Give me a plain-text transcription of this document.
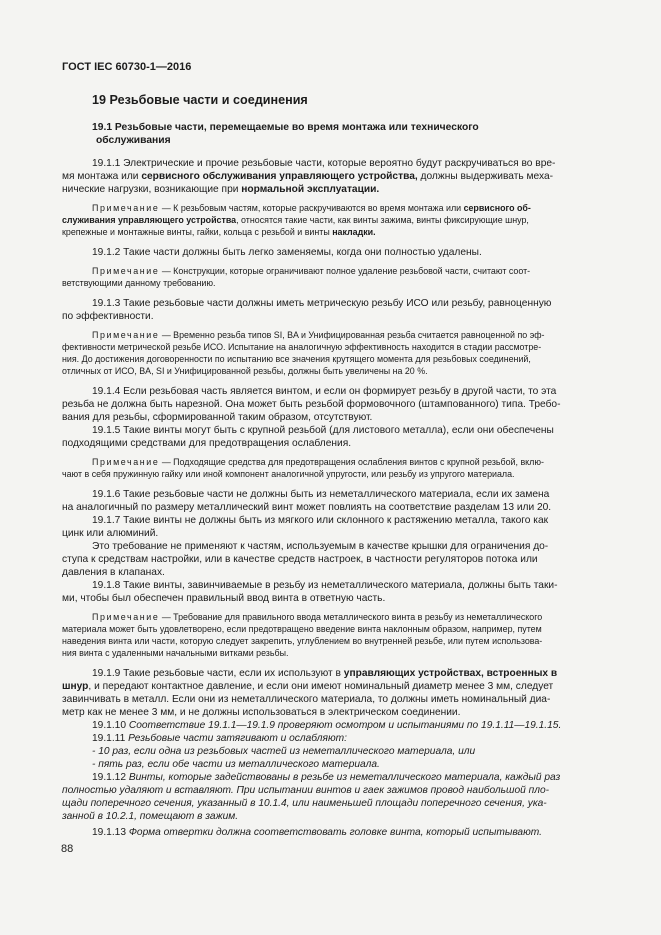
ГОСТ IEC 60730-1—2016
19 Резьбовые части и соединения
19.1 Резьбовые части, перемещаемые во время монтажа или технического
обслуживания
19.1.1 Электрические и прочие резьбовые части, которые вероятно будут раскручиваться во вре-
мя монтажа или сервисного обслуживания управляющего устройства, должны выдерживать меха-
нические нагрузки, возникающие при нормальной эксплуатации.
Примечание — К резьбовым частям, которые раскручиваются во время монтажа или сервисного об-
служивания управляющего устройства, относятся такие части, как винты зажима, винты фиксирующие шнур,
крепежные и монтажные винты, гайки, кольца с резьбой и винты накладки.
19.1.2 Такие части должны быть легко заменяемы, когда они полностью удалены.
Примечание — Конструкции, которые ограничивают полное удаление резьбовой части, считают соот-
ветствующими данному требованию.
19.1.3 Такие резьбовые части должны иметь метрическую резьбу ИСО или резьбу, равноценную
по эффективности.
Примечание — Временно резьба типов SI, BA и Унифицированная резьба считается равноценной по эф-
фективности метрической резьбе ИСО. Испытание на аналогичную эффективность находится в стадии рассмотре-
ния. До достижения договоренности по испытанию все значения крутящего момента для резьбовых соединений,
отличных от ИСО, BA, SI и Унифицированной резьбы, должны быть увеличены на 20 %.
19.1.4 Если резьбовая часть является винтом, и если он формирует резьбу в другой части, то эта
резьба не должна быть нарезной. Она может быть резьбой формовочного (штампованного) типа. Требо-
вания для резьбы, сформированной таким образом, отсутствуют.
19.1.5 Такие винты могут быть с крупной резьбой (для листового металла), если они обеспечены
подходящими средствами для предотвращения ослабления.
Примечание — Подходящие средства для предотвращения ослабления винтов с крупной резьбой, вклю-
чают в себя пружинную гайку или иной компонент аналогичной упругости, или резьбу из упругого материала.
19.1.6 Такие резьбовые части не должны быть из неметаллического материала, если их замена
на аналогичный по размеру металлический винт может повлиять на соответствие разделам 13 или 20.
19.1.7 Такие винты не должны быть из мягкого или склонного к растяжению металла, такого как
цинк или алюминий.
Это требование не применяют к частям, используемым в качестве крышки для ограничения до-
ступа к средствам настройки, или в качестве средств настроек, в частности регуляторов потока или
давления в клапанах.
19.1.8 Такие винты, завинчиваемые в резьбу из неметаллического материала, должны быть таки-
ми, чтобы был обеспечен правильный ввод винта в ответную часть.
Примечание — Требование для правильного ввода металлического винта в резьбу из неметаллического
материала может быть удовлетворено, если предотвращено введение винта наклонным образом, например, путем
наведения винта или части, которую следует закрепить, углублением во внутренней резьбе, или путем использова-
ния винта с удаленными начальными витками резьбы.
19.1.9 Такие резьбовые части, если их используют в управляющих устройствах, встроенных в
шнур, и передают контактное давление, и если они имеют номинальный диаметр менее 3 мм, следует
завинчивать в металл. Если они из неметаллического материала, то должны иметь номинальный диа-
метр как не менее 3 мм, и не должны использоваться в электрическом соединении.
19.1.10 Соответствие 19.1.1—19.1.9 проверяют осмотром и испытаниями по 19.1.11—19.1.15.
19.1.11 Резьбовые части затягивают и ослабляют:
- 10 раз, если одна из резьбовых частей из неметаллического материала, или
- пять раз, если обе части из металлического материала.
19.1.12 Винты, которые задействованы в резьбе из неметаллического материала, каждый раз
полностью удаляют и вставляют. При испытании винтов и гаек зажимов провод наибольшой пло-
щади поперечного сечения, указанный в 10.1.4, или наименьшей площади поперечного сечения, ука-
занной в 10.2.1, помещают в зажим.
19.1.13 Форма отвертки должна соответствовать головке винта, который испытывают.
88
